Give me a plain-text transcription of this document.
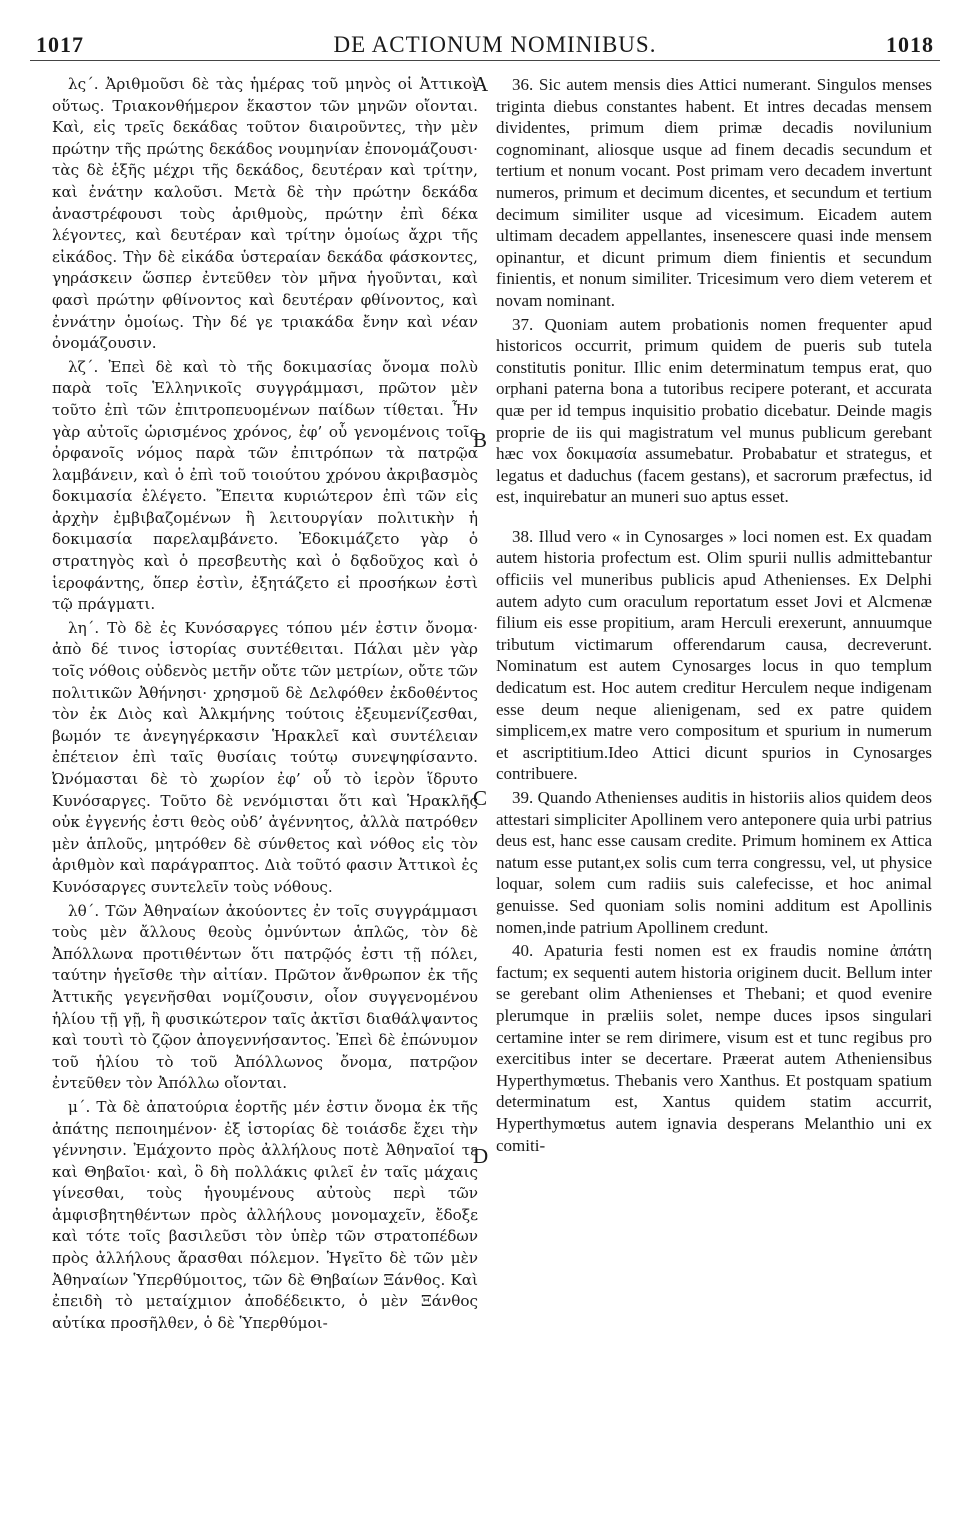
1017	DE ACTIONUM NOMINIBUS.	1018

λς΄. Ἀριθμοῦσι δὲ τὰς ἡμέρας τοῦ μηνὸς οἱ Ἀττικοὶ οὕτως. Τριακονθήμερον ἕκαστον τῶν μηνῶν οἴονται. Καὶ, εἰς τρεῖς δεκάδας τοῦτον διαιροῦντες, τὴν μὲν πρώτην τῆς πρώτης δεκάδος νουμηνίαν ἐπονομάζουσι· τὰς δὲ ἑξῆς μέχρι τῆς δεκάδος, δευτέραν καὶ τρίτην, καὶ ἐνάτην καλοῦσι. Μετὰ δὲ τὴν πρώτην δεκάδα ἀναστρέφουσι τοὺς ἀριθμοὺς, πρώτην ἐπὶ δέκα λέγοντες, καὶ δευτέραν καὶ τρίτην ὁμοίως ἄχρι τῆς εἰκάδος. Τὴν δὲ εἰκάδα ὑστεραίαν δεκάδα φάσκοντες, γηράσκειν ὥσπερ ἐντεῦθεν τὸν μῆνα ἡγοῦνται, καὶ φασὶ πρώτην φθίνοντος καὶ δευτέραν φθίνοντος, καὶ ἐννάτην ὁμοίως. Τὴν δέ γε τριακάδα ἔνην καὶ νέαν ὀνομάζουσιν.

λζ΄. Ἐπεὶ δὲ καὶ τὸ τῆς δοκιμασίας ὄνομα πολὺ παρὰ τοῖς Ἑλληνικοῖς συγγράμμασι, πρῶτον μὲν τοῦτο ἐπὶ τῶν ἐπιτροπευομένων παίδων τίθεται. Ἦν γὰρ αὐτοῖς ὡρισμένος χρόνος, ἐφ’ οὗ γενομένοις τοῖς ὀρφανοῖς νόμος παρὰ τῶν ἐπιτρόπων τὰ πατρῷα λαμβάνειν, καὶ ὁ ἐπὶ τοῦ τοιούτου χρόνου ἀκριβασμὸς δοκιμασία ἐλέγετο. Ἔπειτα κυριώτερον ἐπὶ τῶν εἰς ἀρχὴν ἐμβιβαζομένων ἢ λειτουργίαν πολιτικὴν ἡ δοκιμασία παρελαμβάνετο. Ἐδοκιμάζετο γὰρ ὁ στρατηγὸς καὶ ὁ πρεσβευτὴς καὶ ὁ δᾳδοῦχος καὶ ὁ ἱεροφάντης, ὅπερ ἐστὶν, ἐξητάζετο εἰ προσήκων ἐστὶ τῷ πράγματι.

λη΄. Τὸ δὲ ἐς Κυνόσαργες τόπου μέν ἐστιν ὄνομα· ἀπὸ δέ τινος ἱστορίας συντέθειται. Πάλαι μὲν γὰρ τοῖς νόθοις οὐδενὸς μετῆν οὔτε τῶν μετρίων, οὔτε τῶν πολιτικῶν Ἀθήνησι· χρησμοῦ δὲ Δελφόθεν ἐκδοθέντος τὸν ἐκ Διὸς καὶ Ἀλκμήνης τούτοις ἐξευμενίζεσθαι, βωμόν τε ἀνεγηγέρκασιν Ἡρακλεῖ καὶ συντέλειαν ἐπέτειον ἐπὶ ταῖς θυσίαις τούτῳ συνεψηφίσαντο. Ὠνόμασται δὲ τὸ χωρίον ἐφ’ οὗ τὸ ἱερὸν ἵδρυτο Κυνόσαργες. Τοῦτο δὲ νενόμισται ὅτι καὶ Ἡρακλῆς οὐκ ἐγγενής ἐστι θεὸς οὐδ’ ἀγέννητος, ἀλλὰ πατρόθεν μὲν ἁπλοῦς, μητρόθεν δὲ σύνθετος καὶ νόθος εἰς τὸν ἀριθμὸν καὶ παράγραπτος. Διὰ τοῦτό φασιν Ἀττικοὶ ἐς Κυνόσαργες συντελεῖν τοὺς νόθους.

λθ΄. Τῶν Ἀθηναίων ἀκούοντες ἐν τοῖς συγγράμμασι τοὺς μὲν ἄλλους θεοὺς ὀμνύντων ἁπλῶς, τὸν δὲ Ἀπόλλωνα προτιθέντων ὅτι πατρῷός ἐστι τῇ πόλει, ταύτην ἡγεῖσθε τὴν αἰτίαν. Πρῶτον ἄνθρωπον ἐκ τῆς Ἀττικῆς γεγενῆσθαι νομίζουσιν, οἷον συγγενομένου ἡλίου τῇ γῇ, ἢ φυσικώτερον ταῖς ἀκτῖσι διαθάλψαντος καὶ τουτὶ τὸ ζῷον ἀπογεννήσαντος. Ἐπεὶ δὲ ἐπώνυμον τοῦ ἡλίου τὸ τοῦ Ἀπόλλωνος ὄνομα, πατρῷον ἐντεῦθεν τὸν Ἀπόλλω οἴονται.

μ΄. Τὰ δὲ ἀπατούρια ἑορτῆς μέν ἐστιν ὄνομα ἐκ τῆς ἀπάτης πεποιημένον· ἐξ ἱστορίας δὲ τοιάσδε ἔχει τὴν γέννησιν. Ἐμάχοντο πρὸς ἀλλήλους ποτὲ Ἀθηναῖοί τε καὶ Θηβαῖοι· καὶ, ὃ δὴ πολλάκις φιλεῖ ἐν ταῖς μάχαις γίνεσθαι, τοὺς ἡγουμένους αὐτοὺς περὶ τῶν ἀμφισβητηθέντων πρὸς ἀλλήλους μονομαχεῖν, ἔδοξε καὶ τότε τοῖς βασιλεῦσι τὸν ὑπὲρ τῶν στρατοπέδων πρὸς ἀλλήλους ἄρασθαι πόλεμον. Ἡγεῖτο δὲ τῶν μὲν Ἀθηναίων Ὑπερθύμοιτος, τῶν δὲ Θηβαίων Ξάνθος. Καὶ ἐπειδὴ τὸ μεταίχμιον ἀποδέδεικτο, ὁ μὲν Ξάνθος αὐτίκα προσῆλθεν, ὁ δὲ Ὑπερθύμοι-

A
B
C
D

36. Sic autem mensis dies Attici numerant. Singulos menses triginta diebus constantes habent. Et intres decadas mensem dividentes, primum diem primæ decadis novilunium cognominant, aliosque usque ad finem decadis secundum et tertium et nonum vocant. Post primam vero decadem invertunt numeros, primum et decimum dicentes, et secundum et tertium decimum similiter usque ad vicesimum. Eicadem autem ultimam decadem appellantes, insenescere quasi inde mensem opinantur, et dicunt primum diem finientis et secundum finientis, et nonum similiter. Tricesimum vero diem veterem et novam nominant.

37. Quoniam autem probationis nomen frequenter apud historicos occurrit, primum quidem de pueris sub tutela constitutis ponitur. Illic enim determinatum tempus erat, quo orphani paterna bona a tutoribus recipere poterant, et accurata quæ per id tempus inquisitio probatio dicebatur. Deinde magis proprie de iis qui magistratum vel munus publicum gerebant hæc vox δοκιμασία assumebatur. Probabatur et strategus, et legatus et daduchus (facem gestans), et sacrorum præfectus, id est, inquirebatur an muneri suo aptus esset.

38. Illud vero « in Cynosarges » loci nomen est. Ex quadam autem historia profectum est. Olim spurii nullis admittebantur officiis vel muneribus publicis apud Athenienses. Ex Delphi autem adyto cum oraculum reportatum esset Jovi et Alcmenæ filium eis esse propitium, aram Herculi erexerunt, annuumque tributum victimarum offerendarum causa, decreverunt. Nominatum est autem Cynosarges locus in quo templum dedicatum est. Hoc autem creditur Herculem neque indigenam esse deum neque alienigenam, sed ex patre quidem simplicem,ex matre vero compositum et spurium in numerum et ascriptitium.Ideo Attici dicunt spurios in Cynosarges contribuere.

39. Quando Athenienses auditis in historiis alios quidem deos attestari simpliciter Apollinem vero anteponere quia urbi patrius deus est, hanc esse causam credite. Primum hominem ex Attica natum esse putant,ex solis cum terra congressu, vel, ut physice loquar, solem cum radiis suis calefecisse, et hoc animal genuisse. Sed quoniam solis nomini additum est Apollinis nomen,inde patrium Apollinem credunt.

40. Apaturia festi nomen est ex fraudis nomine ἀπάτη factum; ex sequenti autem historia originem ducit. Bellum inter se gerebant olim Athenienses et Thebani; et quod evenire plerumque in præliis solet, nempe duces ipsos singulari certamine inter se rem dirimere, visum est et tunc regibus pro exercitibus inter se decertare. Præerat autem Atheniensibus Hyperthymœtus. Thebanis vero Xanthus. Et postquam spatium determinatum est, Xantus quidem statim accurrit, Hyperthymœtus autem ignavia desperans Melanthio uni ex comiti-
